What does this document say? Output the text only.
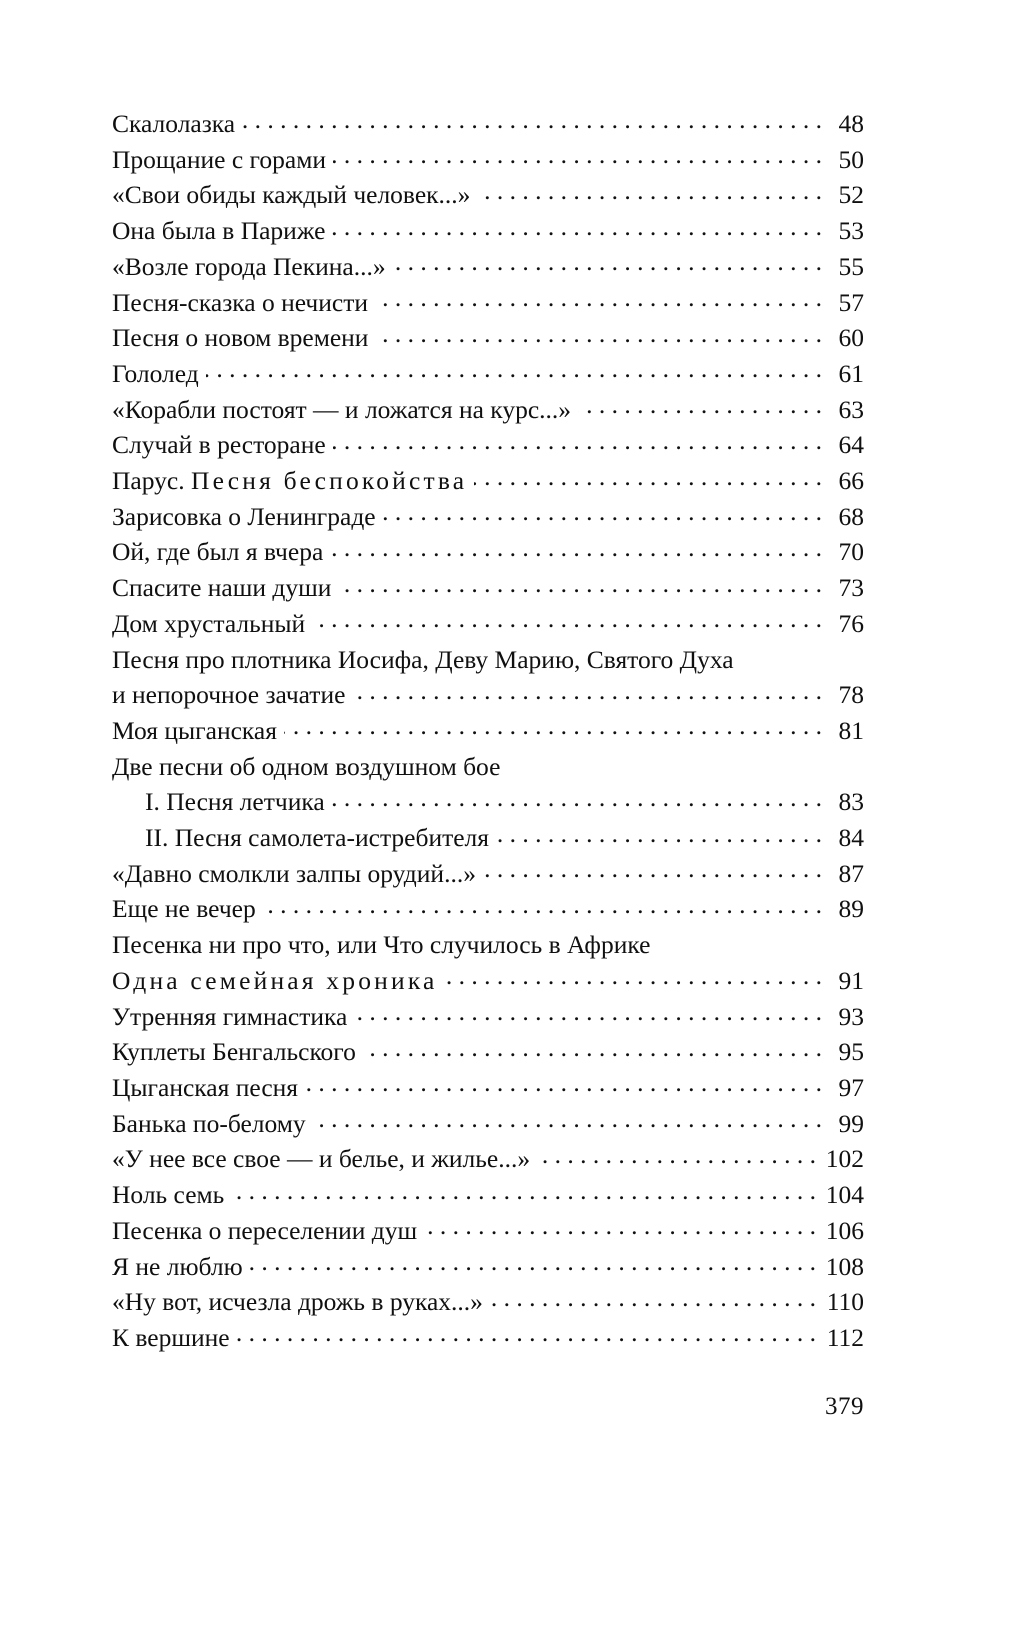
Скалолазка . . .	48
Прощание с горами . . .	50
«Свои обиды каждый человек...» . . .	52
Она была в Париже . . .	53
«Возле города Пекина...» . . .	55
Песня-сказка о нечисти . . .	57
Песня о новом времени . . .	60
Гололед . . .	61
«Корабли постоят — и ложатся на курс...» . . .	63
Случай в ресторане . . .	64
Парус. Песня беспокойства . . .	66
Зарисовка о Ленинграде . . .	68
Ой, где был я вчера . . .	70
Спасите наши души . . .	73
Дом хрустальный . . .	76
Песня про плотника Иосифа, Деву Марию, Святого Духа
и непорочное зачатие . . .	78
Моя цыганская . . .	81
Две песни об одном воздушном бое
I. Песня летчика . . .	83
II. Песня самолета-истребителя . . .	84
«Давно смолкли залпы орудий...» . . .	87
Еще не вечер . . .	89
Песенка ни про что, или Что случилось в Африке
Одна семейная хроника . . .	91
Утренняя гимнастика . . .	93
Куплеты Бенгальского . . .	95
Цыганская песня . . .	97
Банька по-белому . . .	99
«У нее все свое — и белье, и жилье...» . . .	102
Ноль семь . . .	104
Песенка о переселении душ . . .	106
Я не люблю . . .	108
«Ну вот, исчезла дрожь в руках...» . . .	110
К вершине . . .	112
379
